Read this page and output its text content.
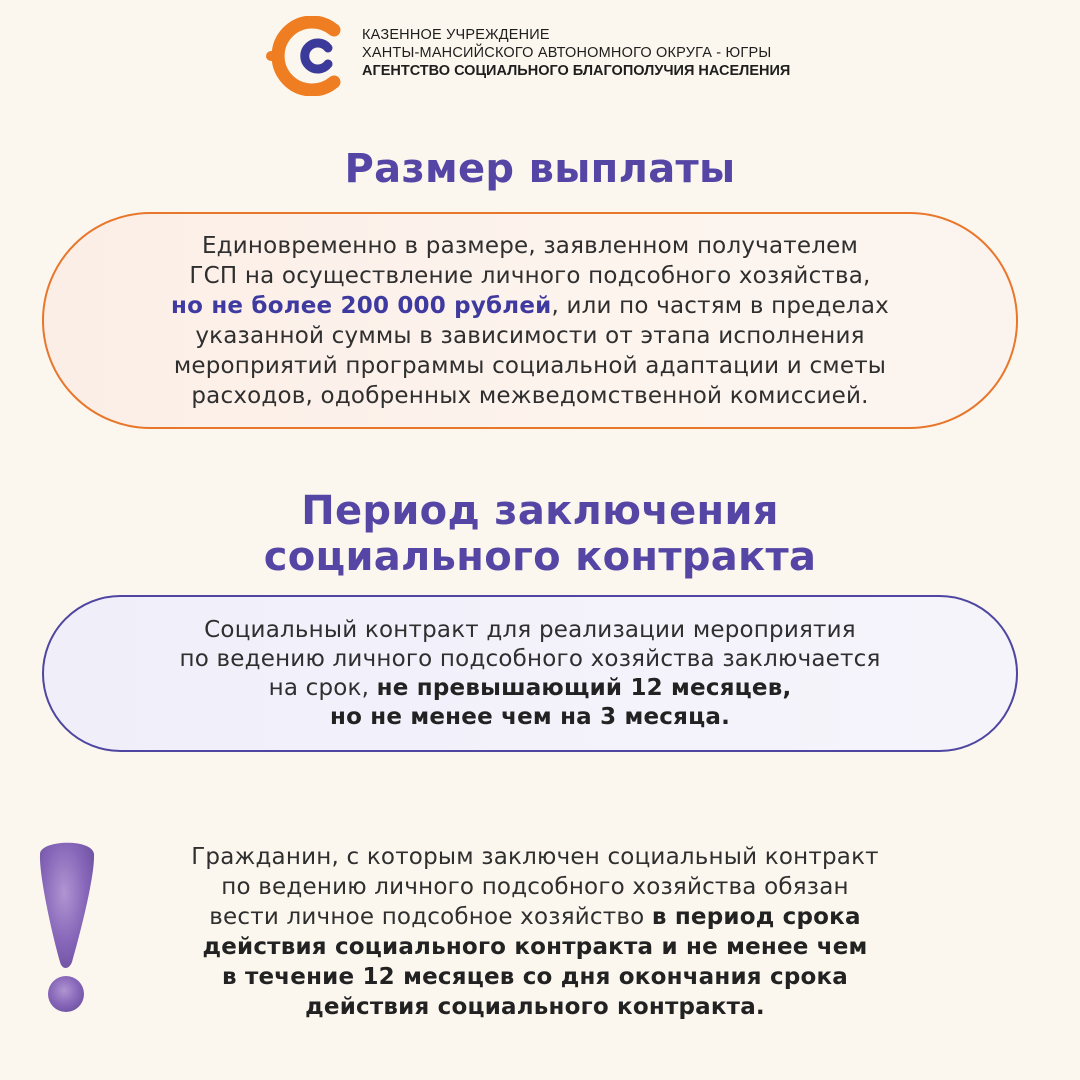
КАЗЕННОЕ УЧРЕЖДЕНИЕ
ХАНТЫ-МАНСИЙСКОГО АВТОНОМНОГО ОКРУГА - ЮГРЫ
АГЕНТСТВО СОЦИАЛЬНОГО БЛАГОПОЛУЧИЯ НАСЕЛЕНИЯ
Размер выплаты
Единовременно в размере, заявленном получателем
ГСП на осуществление личного подсобного хозяйства,
но не более 200 000 рублей, или по частям в пределах
указанной суммы в зависимости от этапа исполнения
мероприятий программы социальной адаптации и сметы
расходов, одобренных межведомственной комиссией.
Период заключения
социального контракта
Социальный контракт для реализации мероприятия
по ведению личного подсобного хозяйства заключается
на срок, не превышающий 12 месяцев,
но не менее чем на 3 месяца.
Гражданин, с которым заключен социальный контракт
по ведению личного подсобного хозяйства обязан
вести личное подсобное хозяйство в период срока
действия социального контракта и не менее чем
в течение 12 месяцев со дня окончания срока
действия социального контракта.
